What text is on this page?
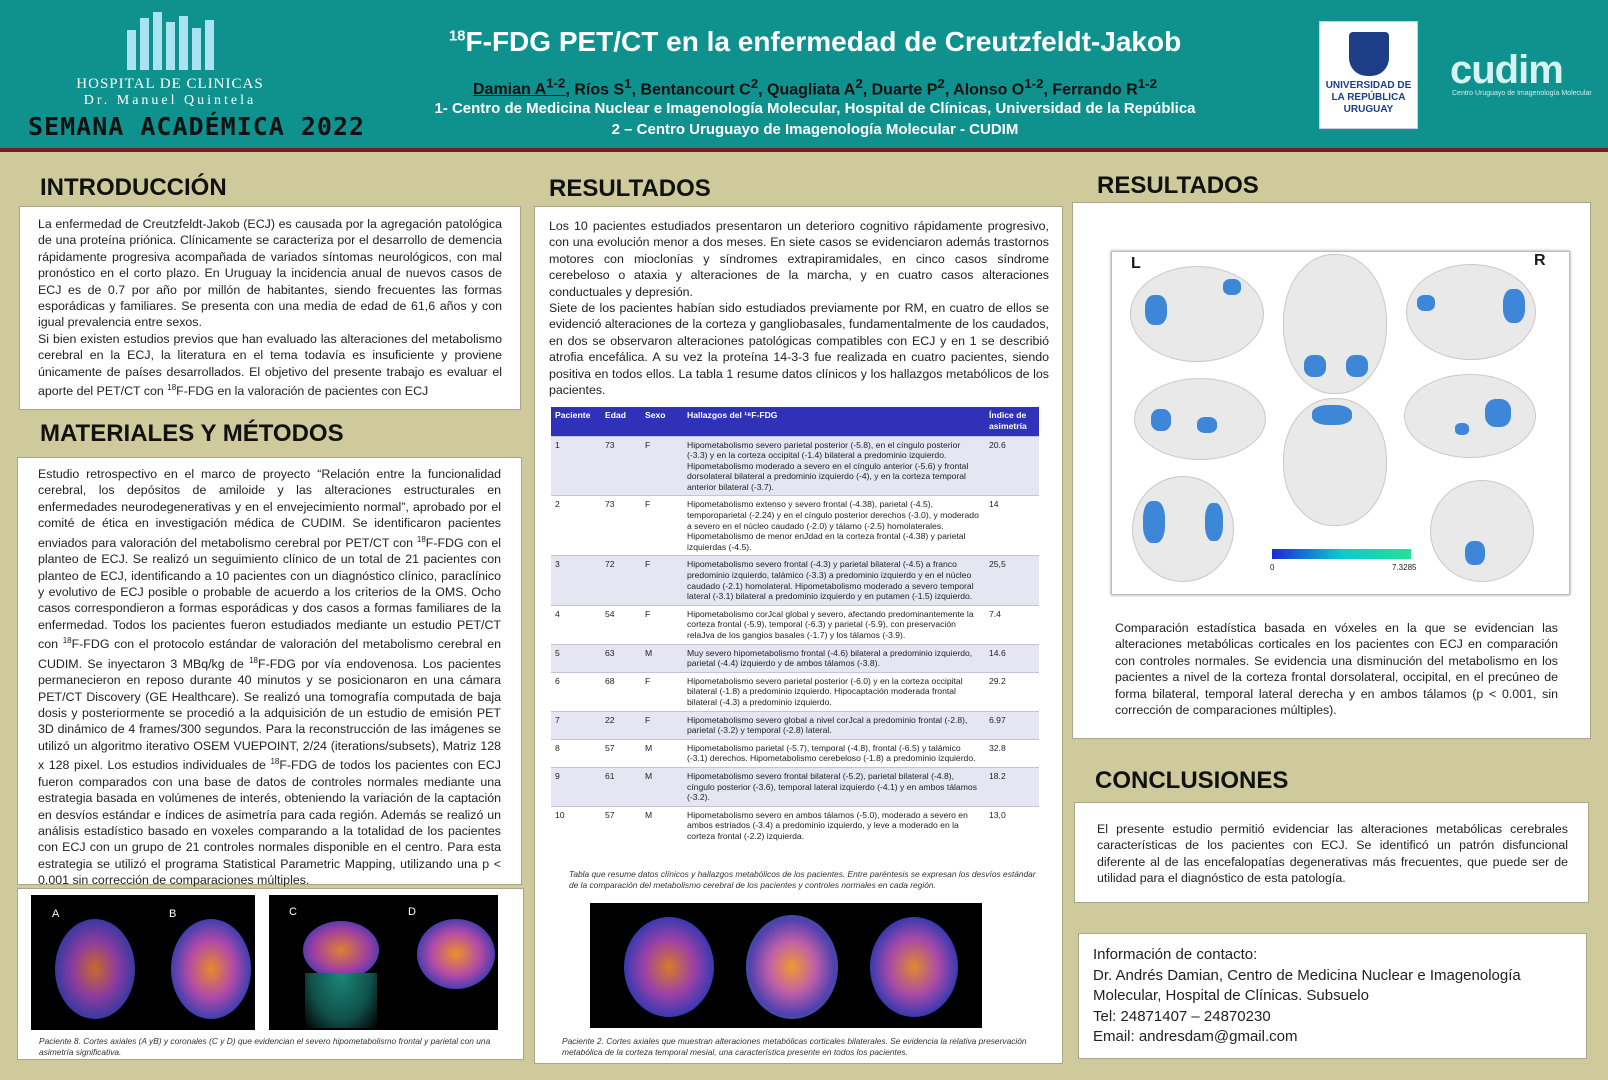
HOSPITAL DE CLINICAS
Dr. Manuel Quintela
SEMANA ACADÉMICA 2022
$^{18}$F-FDG PET/CT en la enfermedad de Creutzfeldt-Jakob
Damian $A^{1-2}$, Ríos $S^1$, Bentancourt $C^2$, Quagliata $A^2$, Duarte $P^2$, Alonso $O^{1-2}$, Ferrando $R^{1-2}$
1- Centro de Medicina Nuclear e Imagenología Molecular, Hospital de Clínicas, Universidad de la República
2 – Centro Uruguayo de Imagenología Molecular - CUDIM
UNIVERSIDAD DE LA REPÚBLICA URUGUAY
cudim
Centro Uruguayo de Imagenología Molecular
INTRODUCCIÓN

La enfermedad de Creutzfeldt-Jakob (ECJ) es causada por la agregación patológica de una proteína priónica. Clínicamente se caracteriza por el desarrollo de demencia rápidamente progresiva acompañada de variados síntomas neurológicos, con mal pronóstico en el corto plazo. En Uruguay la incidencia anual de nuevos casos de ECJ es de 0.7 por año por millón de habitantes, siendo frecuentes las formas esporádicas y familiares. Se presenta con una media de edad de 61,6 años y con igual prevalencia entre sexos.

Si bien existen estudios previos que han evaluado las alteraciones del metabolismo cerebral en la ECJ, la literatura en el tema todavía es insuficiente y proviene únicamente de países desarrollados. El objetivo del presente trabajo es evaluar el aporte del PET/CT con $^{18}$F-FDG en la valoración de pacientes con ECJ

MATERIALES Y MÉTODOS

Estudio retrospectivo en el marco de proyecto “Relación entre la funcionalidad cerebral, los depósitos de amiloide y las alteraciones estructurales en enfermedades neurodegenerativas y en el envejecimiento normal”, aprobado por el comité de ética en investigación médica de CUDIM. Se identificaron pacientes enviados para valoración del metabolismo cerebral por PET/CT con $^{18}$F-FDG con el planteo de ECJ. Se realizó un seguimiento clínico de un total de 21 pacientes con planteo de ECJ, identificando a 10 pacientes con un diagnóstico clínico, paraclínico y evolutivo de ECJ posible o probable de acuerdo a los criterios de la OMS. Ocho casos correspondieron a formas esporádicas y dos casos a formas familiares de la enfermedad. Todos los pacientes fueron estudiados mediante un estudio PET/CT con $^{18}$F-FDG con el protocolo estándar de valoración del metabolismo cerebral en CUDIM. Se inyectaron 3 MBq/kg de $^{18}$F-FDG por vía endovenosa. Los pacientes permanecieron en reposo durante 40 minutos y se posicionaron en una cámara PET/CT Discovery (GE Healthcare). Se realizó una tomografía computada de baja dosis y posteriormente se procedió a la adquisición de un estudio de emisión PET 3D dinámico de 4 frames/300 segundos. Para la reconstrucción de las imágenes se utilizó un algoritmo iterativo OSEM VUEPOINT, 2/24 (iterations/subsets), Matriz 128 x 128 pixel. Los estudios individuales de $^{18}$F-FDG de todos los pacientes con ECJ fueron comparados con una base de datos de controles normales mediante una estrategia basada en volúmenes de interés, obteniendo la variación de la captación en desvíos estándar e índices de asimetría para cada región. Además se realizó un análisis estadístico basado en voxeles comparando a la totalidad de los pacientes con ECJ con un grupo de 21 controles normales disponible en el centro. Para esta estrategia se utilizó el programa Statistical Parametric Mapping, utilizando una p < 0.001 sin corrección de comparaciones múltiples.

A	B	C	D
Paciente 8. Cortes axiales (A yB) y coronales (C y D) que evidencian el severo hipometabolismo frontal y parietal con una asimetría significativa.
RESULTADOS

Los 10 pacientes estudiados presentaron un deterioro cognitivo rápidamente progresivo, con una evolución menor a dos meses. En siete casos se evidenciaron además trastornos motores con mioclonías y síndromes extrapiramidales, en cinco casos síndrome cerebeloso o ataxia y alteraciones de la marcha, y en cuatro casos alteraciones conductuales y depresión.

Siete de los pacientes habían sido estudiados previamente por RM, en cuatro de ellos se evidenció alteraciones de la corteza y gangliobasales, fundamentalmente de los caudados, en dos se observaron alteraciones patológicas compatibles con ECJ y en 1 se describió atrofia encefálica. A su vez la proteína 14-3-3 fue realizada en cuatro pacientes, siendo positiva en todos ellos. La tabla 1 resume datos clínicos y los hallazgos metabólicos de los pacientes.

Paciente	Edad	Sexo	Hallazgos del ¹⁸F-FDG	Índice de asimetría
1	73	F	Hipometabolismo severo parietal posterior (-5.8), en el cíngulo posterior (-3.3) y en la corteza occipital (-1.4) bilateral a predominio izquierdo. Hipometabolismo moderado a severo en el cíngulo anterior (-5.6) y frontal dorsolateral bilateral a predominio izquierdo (-4), y en la corteza temporal anterior bilateral (-3.7).	20.6
2	73	F	Hipometabolismo extenso y severo frontal (-4.38), parietal (-4.5), temporoparietal (-2.24) y en el cíngulo posterior derechos (-3.0), y moderado a severo en el núcleo caudado (-2.0) y tálamo (-2.5) homolaterales. Hipometabolismo de menor enJdad en la corteza frontal (-4.38) y parietal izquierdas (-4.5).	14
3	72	F	Hipometabolismo severo frontal (-4.3) y parietal bilateral (-4.5) a franco predominio izquierdo, talámico (-3.3) a predominio izquierdo y en el núcleo caudado (-2.1) homolateral. Hipometabolismo moderado a severo temporal lateral (-3.1) bilateral a predominio izquierdo y en putamen (-1.5) izquierdo.	25,5
4	54	F	Hipometabolismo corJcal global y severo, afectando predominantemente la corteza frontal (-5.9), temporal (-6.3) y parietal (-5.9), con preservación relaJva de los gangios basales (-1.7) y los tálamos (-3.9).	7.4
5	63	M	Muy severo hipometabolismo frontal (-4.6) bilateral a predominio izquierdo, parietal (-4.4) izquierdo y de ambos tálamos (-3.8).	14.6
6	68	F	Hipometabolismo severo parietal posterior (-6.0) y en la corteza occipital bilateral (-1.8) a predominio izquierdo. Hipocaptación moderada frontal bilateral (-4.3) a predominio izquierdo.	29.2
7	22	F	Hipometabolismo severo global a nivel corJcal a predominio frontal (-2.8), parietal (-3.2) y temporal (-2.8) lateral.	6.97
8	57	M	Hipometabolismo parietal (-5.7), temporal (-4.8), frontal (-6.5) y talámico (-3.1) derechos. Hipometabolismo cerebeloso (-1.8) a predominio izquierdo.	32.8
9	61	M	Hipometabolismo severo frontal bilateral (-5.2), parietal bilateral (-4.8), cíngulo posterior (-3.6), temporal lateral izquierdo (-4.1) y en ambos tálamos (-3.2).	18.2
10	57	M	Hipometabolismo severo en ambos tálamos (-5.0), moderado a severo en ambos estriados (-3.4) a predominio izquierdo, y leve a moderado en la corteza frontal (-2.2) izquierda.	13,0
Tabla que resume datos clínicos y hallazgos metabólicos de los pacientes. Entre paréntesis se expresan los desvíos estándar de la comparación del metabolismo cerebral de los pacientes y controles normales en cada región.
Paciente 2. Cortes axiales que muestran alteraciones metabólicas corticales bilaterales. Se evidencia la relativa preservación metabólica de la corteza temporal mesial, una característica presente en todos los pacientes.
RESULTADOS
L	R
0	7.3285
Comparación estadística basada en vóxeles en la que se evidencian las alteraciones metabólicas corticales en los pacientes con ECJ en comparación con controles normales. Se evidencia una disminución del metabolismo en los pacientes a nivel de la corteza frontal dorsolateral, occipital, en el precúneo de forma bilateral, temporal lateral derecha y en ambos tálamos (p < 0.001, sin corrección de comparaciones múltiples).
CONCLUSIONES
El presente estudio permitió evidenciar las alteraciones metabólicas cerebrales características de los pacientes con ECJ. Se identificó un patrón disfuncional diferente al de las encefalopatías degenerativas más frecuentes, que puede ser de utilidad para el diagnóstico de esta patología.
Información de contacto:
Dr. Andrés Damian, Centro de Medicina Nuclear e Imagenología
Molecular, Hospital de Clínicas. Subsuelo
Tel: 24871407 – 24870230
Email: andresdam@gmail.com
